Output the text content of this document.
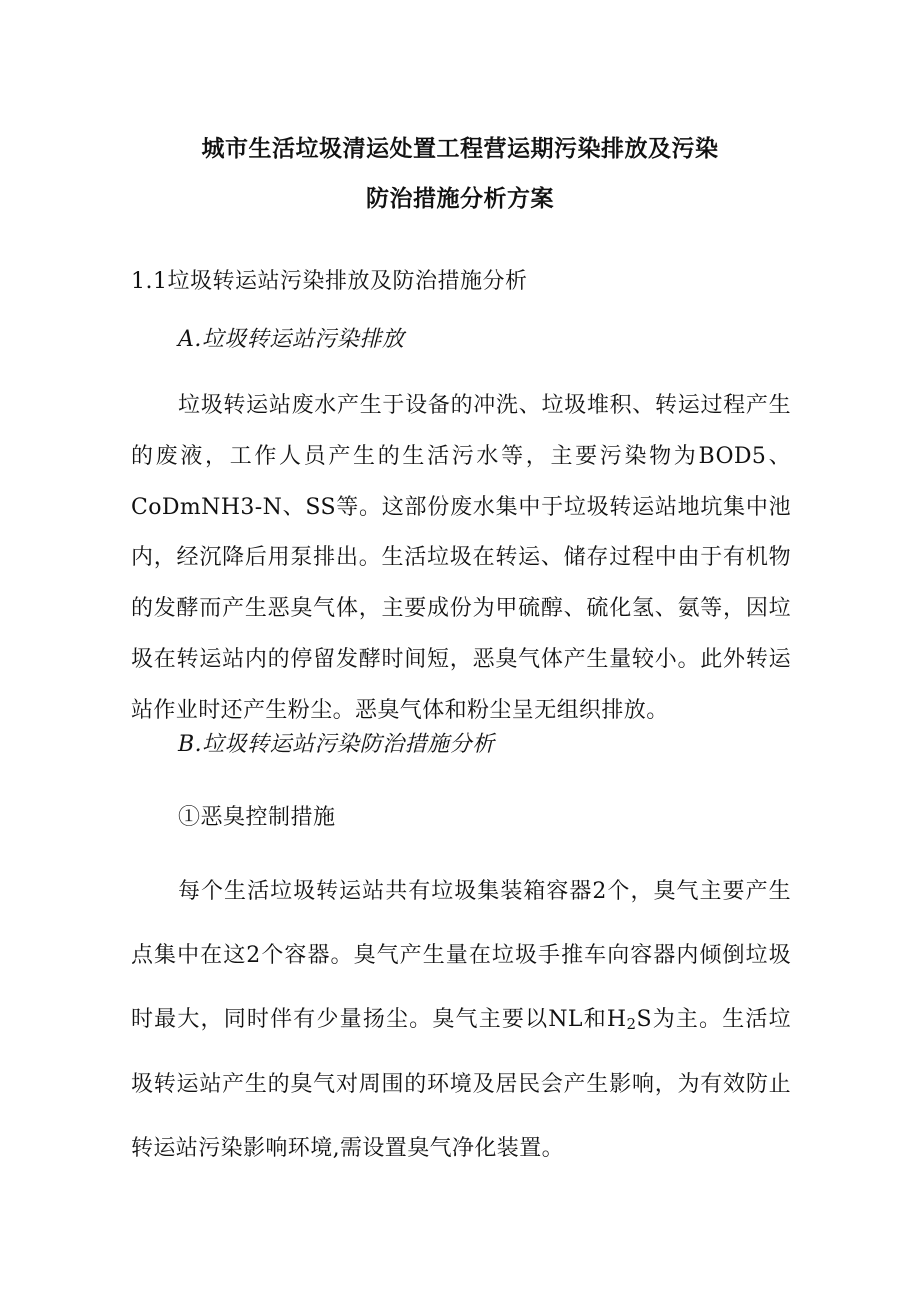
城市生活垃圾清运处置工程营运期污染排放及污染
防治措施分析方案
1.1垃圾转运站污染排放及防治措施分析
A.垃圾转运站污染排放

垃圾转运站废水产生于设备的冲洗、垃圾堆积、转运过程产生的废液，工作人员产生的生活污水等，主要污染物为BOD5、CoDmNH3-N、SS等。这部份废水集中于垃圾转运站地坑集中池内，经沉降后用泵排出。生活垃圾在转运、储存过程中由于有机物的发酵而产生恶臭气体，主要成份为甲硫醇、硫化氢、氨等，因垃圾在转运站内的停留发酵时间短，恶臭气体产生量较小。此外转运站作业时还产生粉尘。恶臭气体和粉尘呈无组织排放。

B.垃圾转运站污染防治措施分析
①恶臭控制措施

每个生活垃圾转运站共有垃圾集装箱容器2个，臭气主要产生点集中在这2个容器。臭气产生量在垃圾手推车向容器内倾倒垃圾时最大，同时伴有少量扬尘。臭气主要以NL和$H_2S$为主。生活垃圾转运站产生的臭气对周围的环境及居民会产生影响，为有效防止转运站污染影响环境,需设置臭气净化装置。
